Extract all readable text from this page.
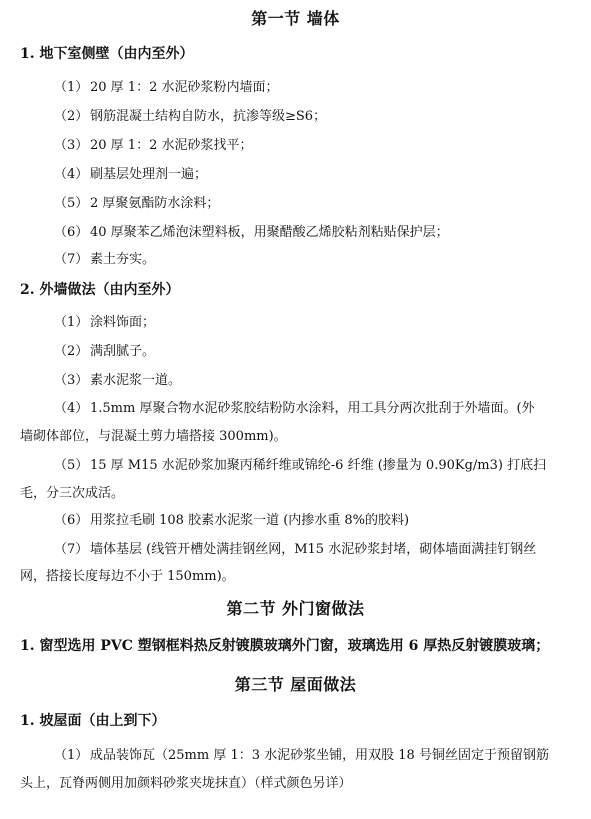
第一节 墙体
1. 地下室侧壁（由内至外）
（1） 20 厚 1：2 水泥砂浆粉内墙面；
（2） 钢筋混凝土结构自防水，抗渗等级≥S6；
（3） 20 厚 1：2 水泥砂浆找平；
（4） 刷基层处理剂一遍；
（5） 2 厚聚氨酯防水涂料；
（6） 40 厚聚苯乙烯泡沫塑料板，用聚醋酸乙烯胶粘剂粘贴保护层；
（7） 素土夯实。
2. 外墙做法（由内至外）
（1） 涂料饰面；
（2） 满刮腻子。
（3） 素水泥浆一道。
（4） 1.5mm 厚聚合物水泥砂浆胶结粉防水涂料，用工具分两次批刮于外墙面。(外
墙砌体部位，与混凝土剪力墙搭接 300mm)。
（5） 15 厚 M15 水泥砂浆加聚丙稀纤维或锦纶-6 纤维 (掺量为 0.90Kg/m3) 打底扫
毛，分三次成活。
（6） 用浆拉毛刷 108 胶素水泥浆一道 (内掺水重 8%的胶料)
（7） 墙体基层 (线管开槽处满挂钢丝网，M15 水泥砂浆封堵，砌体墙面满挂钉钢丝
网，搭接长度每边不小于 150mm)。
第二节 外门窗做法
1. 窗型选用 PVC 塑钢框料热反射镀膜玻璃外门窗，玻璃选用 6 厚热反射镀膜玻璃；
第三节 屋面做法
1. 坡屋面（由上到下）
（1） 成品装饰瓦（25mm 厚 1：3 水泥砂浆坐铺，用双股 18 号铜丝固定于预留钢筋
头上，瓦脊两侧用加颜料砂浆夹垅抹直）（样式颜色另详）
